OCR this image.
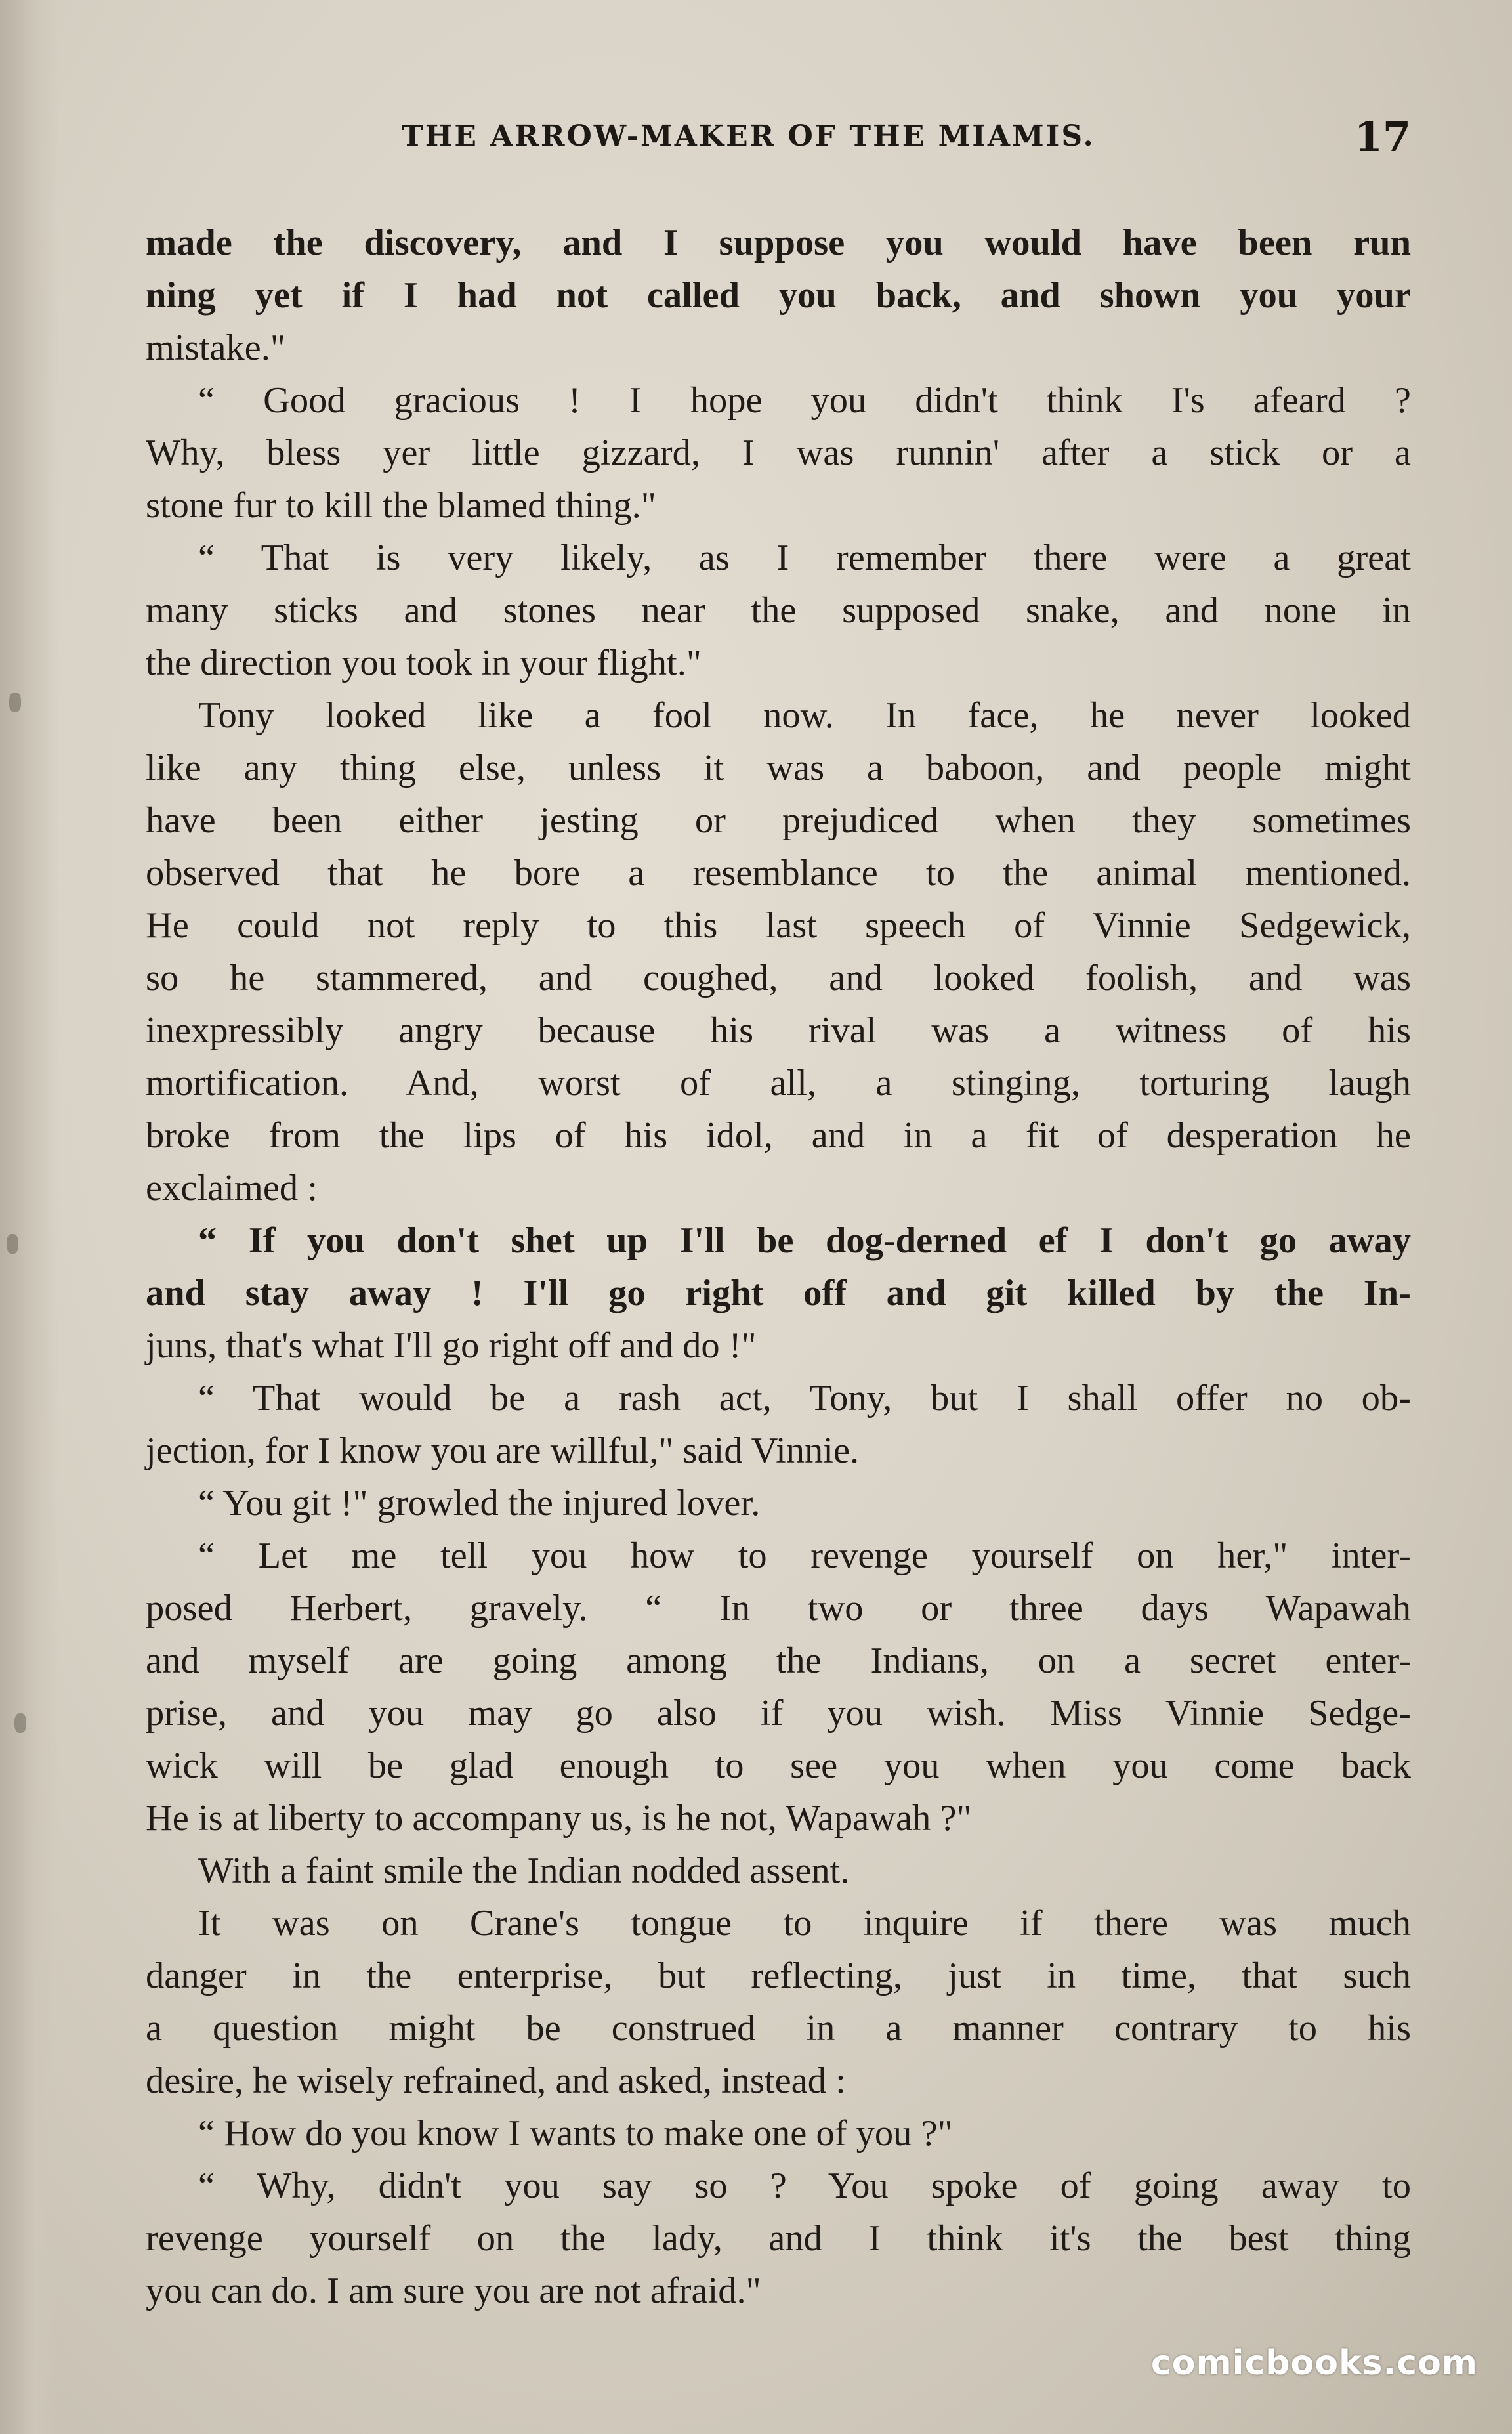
THE ARROW-MAKER OF THE MIAMIS.	17
made the discovery, and I suppose you would have been run
ning yet if I had not called you back, and shown you your
mistake."
“ Good gracious ! I hope you didn't think I's afeard ?
Why, bless yer little gizzard, I was runnin' after a stick or a
stone fur to kill the blamed thing."
“ That is very likely, as I remember there were a great
many sticks and stones near the supposed snake, and none in
the direction you took in your flight."
Tony looked like a fool now. In face, he never looked
like any thing else, unless it was a baboon, and people might
have been either jesting or prejudiced when they sometimes
observed that he bore a resemblance to the animal mentioned.
He could not reply to this last speech of Vinnie Sedgewick,
so he stammered, and coughed, and looked foolish, and was
inexpressibly angry because his rival was a witness of his
mortification. And, worst of all, a stinging, torturing laugh
broke from the lips of his idol, and in a fit of desperation he
exclaimed :
“ If you don't shet up I'll be dog-derned ef I don't go away
and stay away ! I'll go right off and git killed by the In-
juns, that's what I'll go right off and do !"
“ That would be a rash act, Tony, but I shall offer no ob-
jection, for I know you are willful," said Vinnie.
“ You git !" growled the injured lover.
“ Let me tell you how to revenge yourself on her," inter-
posed Herbert, gravely. “ In two or three days Wapawah
and myself are going among the Indians, on a secret enter-
prise, and you may go also if you wish. Miss Vinnie Sedge-
wick will be glad enough to see you when you come back
He is at liberty to accompany us, is he not, Wapawah ?"
With a faint smile the Indian nodded assent.
It was on Crane's tongue to inquire if there was much
danger in the enterprise, but reflecting, just in time, that such
a question might be construed in a manner contrary to his
desire, he wisely refrained, and asked, instead :
“ How do you know I wants to make one of you ?"
“ Why, didn't you say so ? You spoke of going away to
revenge yourself on the lady, and I think it's the best thing
you can do. I am sure you are not afraid."
comicbooks.com
